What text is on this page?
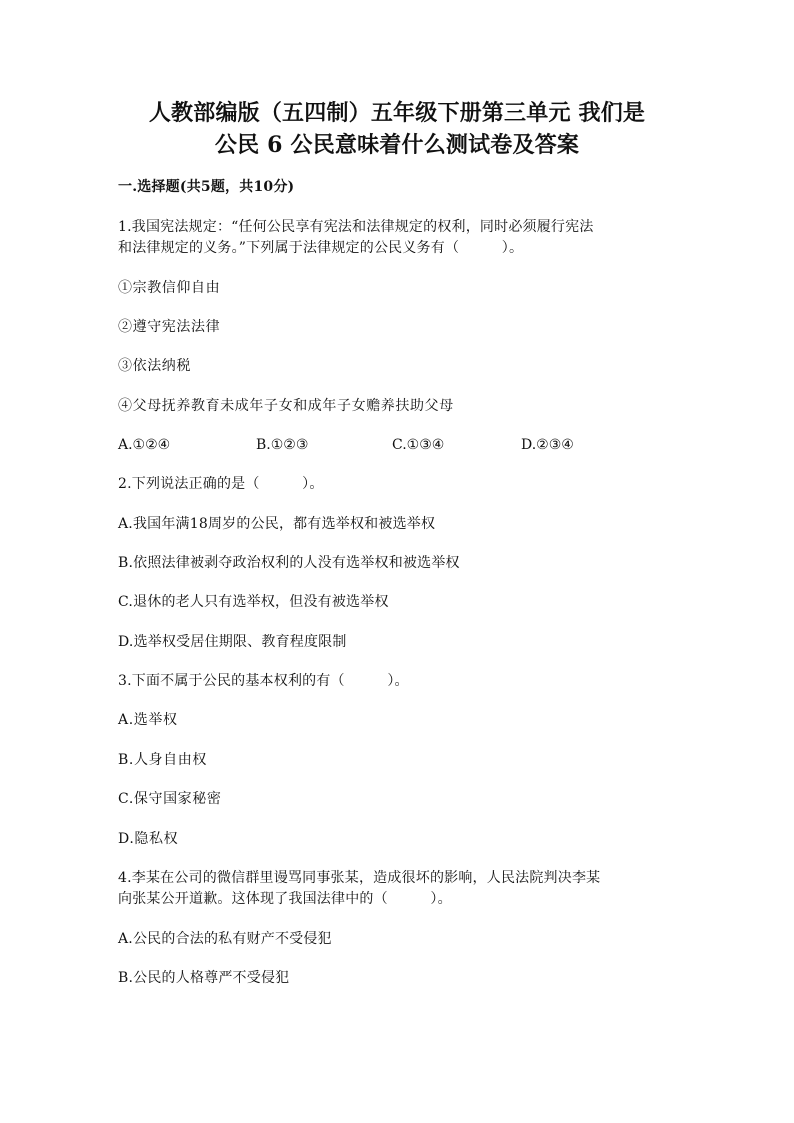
人教部编版（五四制）五年级下册第三单元 我们是
公民 6 公民意味着什么测试卷及答案
一.选择题(共5题，共10分)
1.我国宪法规定：“任何公民享有宪法和法律规定的权利，同时必须履行宪法
和法律规定的义务。”下列属于法律规定的公民义务有（　　　）。
①宗教信仰自由
②遵守宪法法律
③依法纳税
④父母抚养教育未成年子女和成年子女赡养扶助父母
A.①②④	B.①②③	C.①③④	D.②③④
2.下列说法正确的是（　　　）。
A.我国年满18周岁的公民，都有选举权和被选举权
B.依照法律被剥夺政治权利的人没有选举权和被选举权
C.退休的老人只有选举权，但没有被选举权
D.选举权受居住期限、教育程度限制
3.下面不属于公民的基本权利的有（　　　）。
A.选举权
B.人身自由权
C.保守国家秘密
D.隐私权
4.李某在公司的微信群里谩骂同事张某，造成很坏的影响，人民法院判决李某
向张某公开道歉。这体现了我国法律中的（　　　）。
A.公民的合法的私有财产不受侵犯
B.公民的人格尊严不受侵犯
